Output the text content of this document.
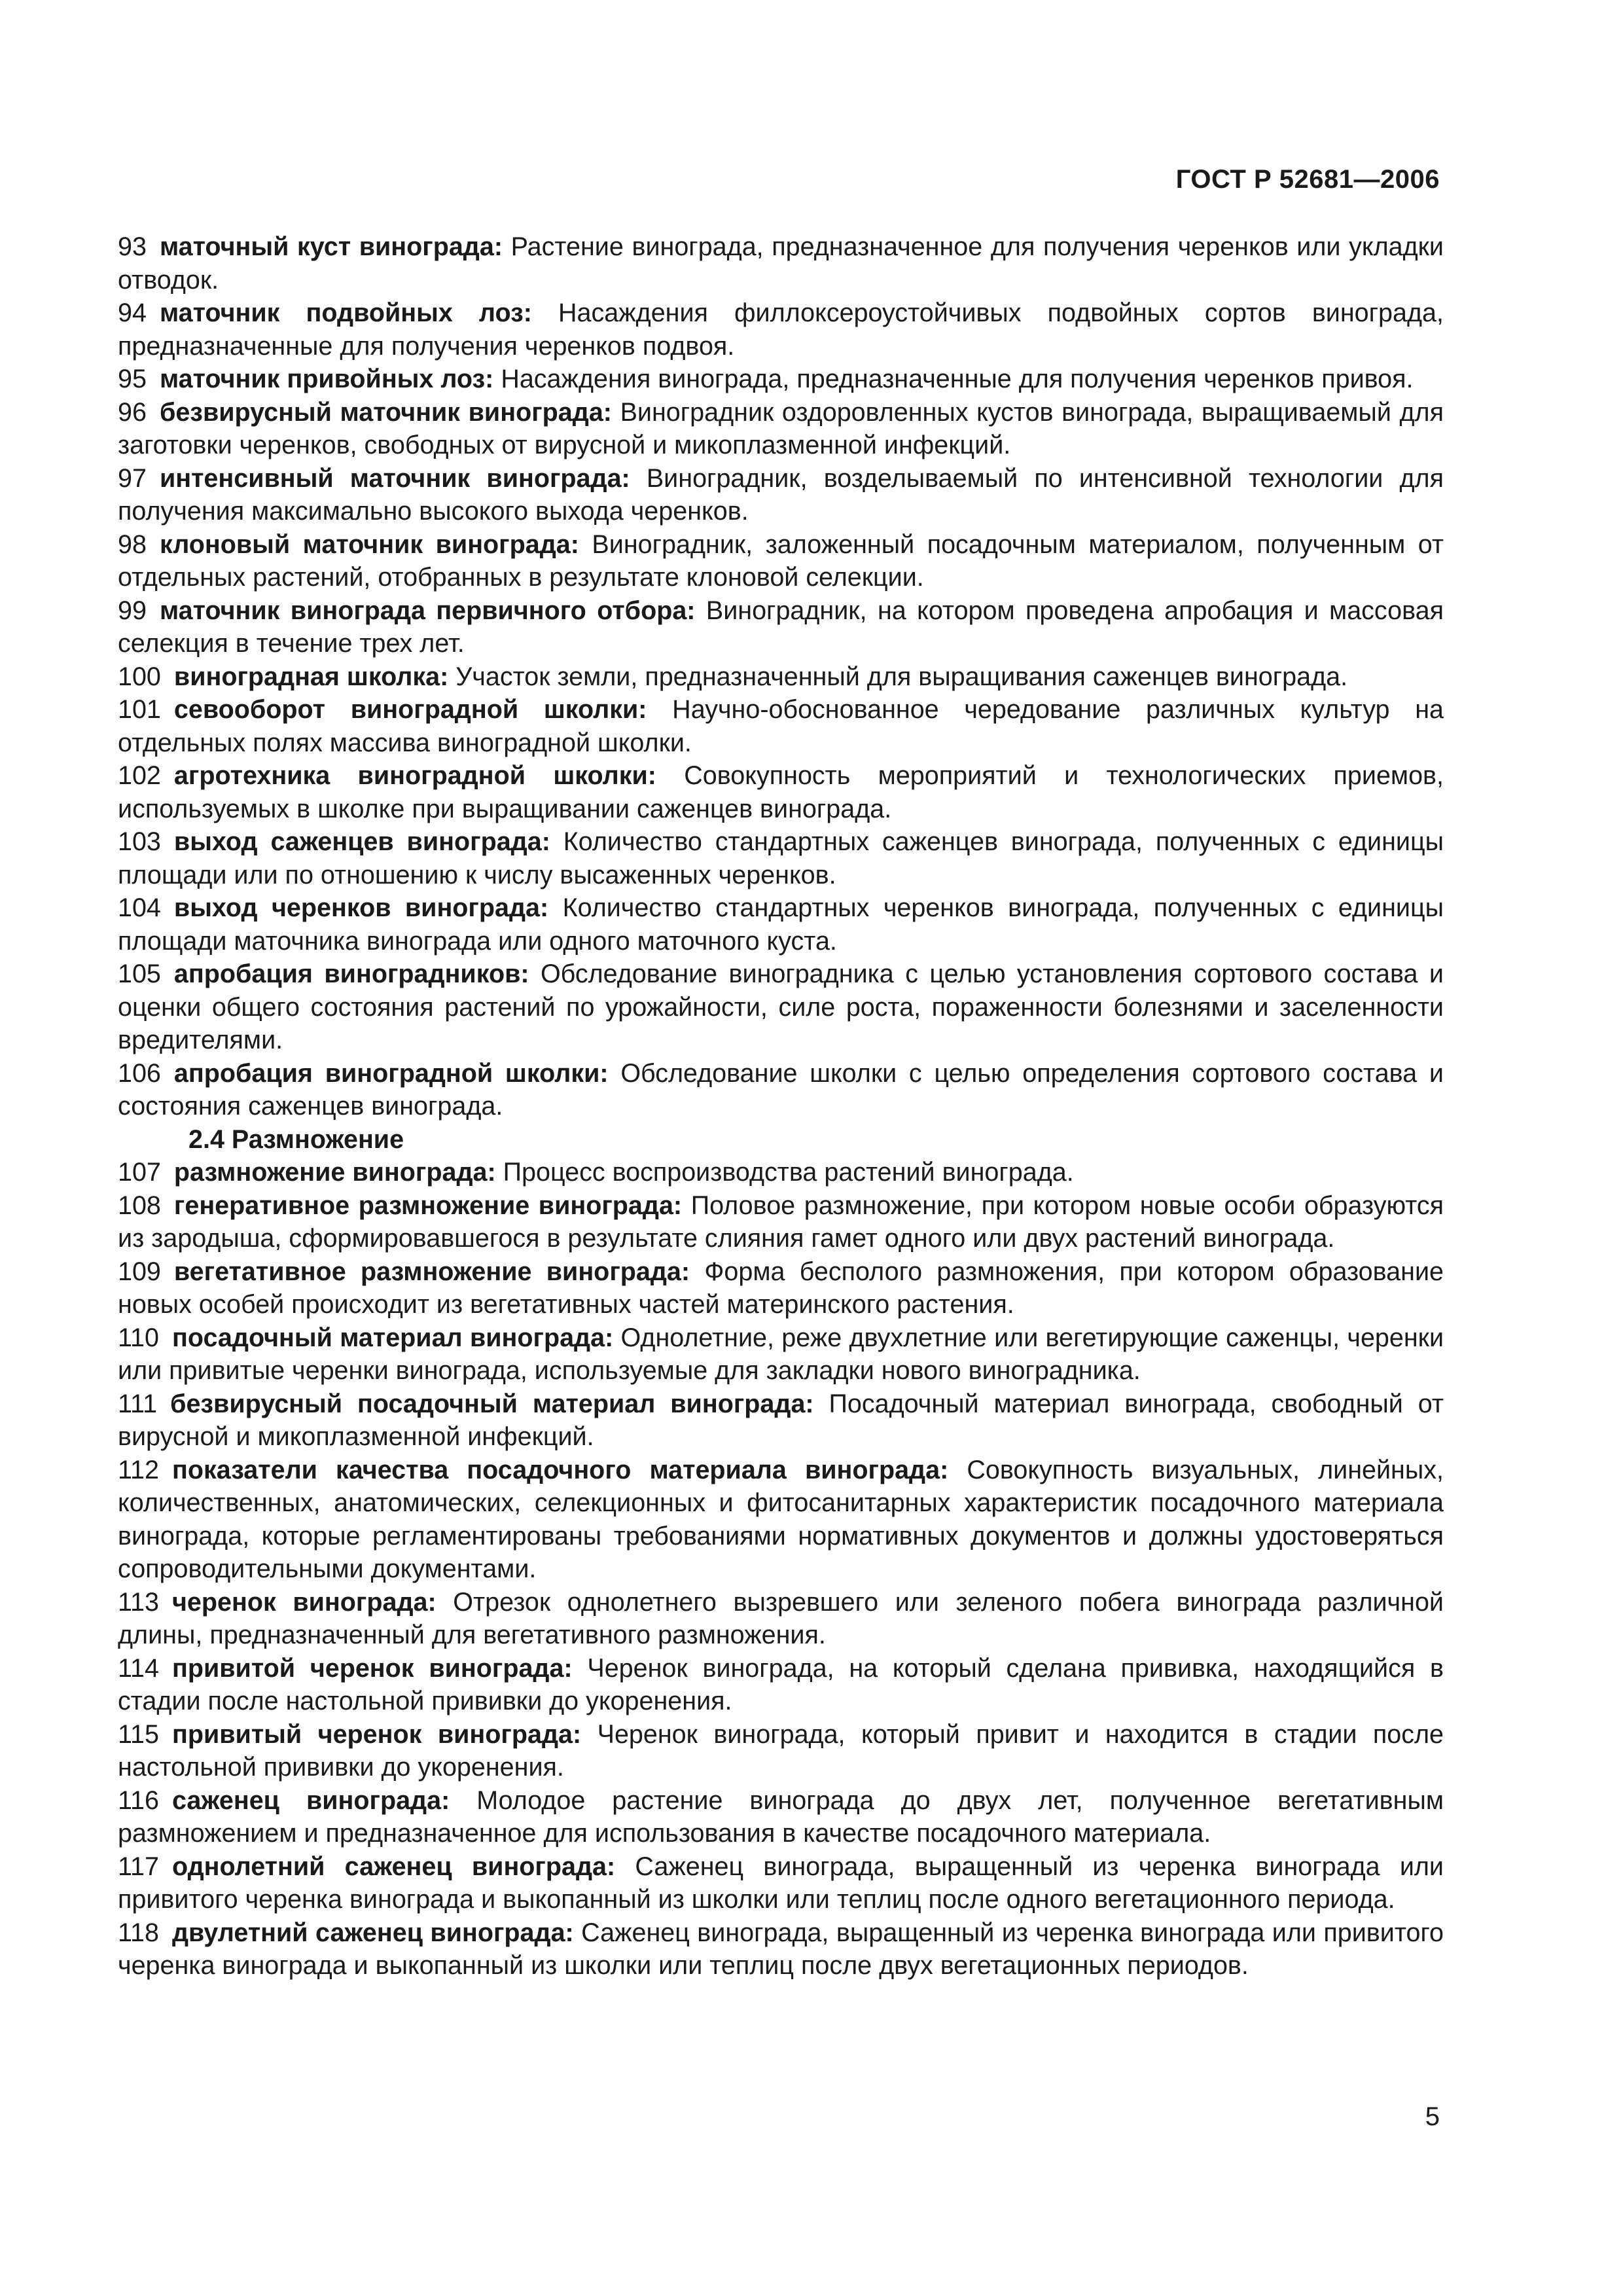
ГОСТ Р 52681—2006

93 маточный куст винограда: Растение винограда, предназначенное для получения черенков или укладки отводок.

94 маточник подвойных лоз: Насаждения филлоксероустойчивых подвойных сортов винограда, предназначенные для получения черенков подвоя.

95 маточник привойных лоз: Насаждения винограда, предназначенные для получения черенков привоя.

96 безвирусный маточник винограда: Виноградник оздоровленных кустов винограда, выращиваемый для заготовки черенков, свободных от вирусной и микоплазменной инфекций.

97 интенсивный маточник винограда: Виноградник, возделываемый по интенсивной технологии для получения максимально высокого выхода черенков.

98 клоновый маточник винограда: Виноградник, заложенный посадочным материалом, полученным от отдельных растений, отобранных в результате клоновой селекции.

99 маточник винограда первичного отбора: Виноградник, на котором проведена апробация и массовая селекция в течение трех лет.

100 виноградная школка: Участок земли, предназначенный для выращивания саженцев винограда.

101 севооборот виноградной школки: Научно-обоснованное чередование различных культур на отдельных полях массива виноградной школки.

102 агротехника виноградной школки: Совокупность мероприятий и технологических приемов, используемых в школке при выращивании саженцев винограда.

103 выход саженцев винограда: Количество стандартных саженцев винограда, полученных с единицы площади или по отношению к числу высаженных черенков.

104 выход черенков винограда: Количество стандартных черенков винограда, полученных с единицы площади маточника винограда или одного маточного куста.

105 апробация виноградников: Обследование виноградника с целью установления сортового состава и оценки общего состояния растений по урожайности, силе роста, пораженности болезнями и заселенности вредителями.

106 апробация виноградной школки: Обследование школки с целью определения сортового состава и состояния саженцев винограда.

2.4 Размножение

107 размножение винограда: Процесс воспроизводства растений винограда.

108 генеративное размножение винограда: Половое размножение, при котором новые особи образуются из зародыша, сформировавшегося в результате слияния гамет одного или двух растений винограда.

109 вегетативное размножение винограда: Форма бесполого размножения, при котором образование новых особей происходит из вегетативных частей материнского растения.

110 посадочный материал винограда: Однолетние, реже двухлетние или вегетирующие саженцы, черенки или привитые черенки винограда, используемые для закладки нового виноградника.

111 безвирусный посадочный материал винограда: Посадочный материал винограда, свободный от вирусной и микоплазменной инфекций.

112 показатели качества посадочного материала винограда: Совокупность визуальных, линейных, количественных, анатомических, селекционных и фитосанитарных характеристик посадочного материала винограда, которые регламентированы требованиями нормативных документов и должны удостоверяться сопроводительными документами.

113 черенок винограда: Отрезок однолетнего вызревшего или зеленого побега винограда различной длины, предназначенный для вегетативного размножения.

114 привитой черенок винограда: Черенок винограда, на который сделана прививка, находящийся в стадии после настольной прививки до укоренения.

115 привитый черенок винограда: Черенок винограда, который привит и находится в стадии после настольной прививки до укоренения.

116 саженец винограда: Молодое растение винограда до двух лет, полученное вегетативным размножением и предназначенное для использования в качестве посадочного материала.

117 однолетний саженец винограда: Саженец винограда, выращенный из черенка винограда или привитого черенка винограда и выкопанный из школки или теплиц после одного вегетационного периода.

118 двулетний саженец винограда: Саженец винограда, выращенный из черенка винограда или привитого черенка винограда и выкопанный из школки или теплиц после двух вегетационных периодов.

5
